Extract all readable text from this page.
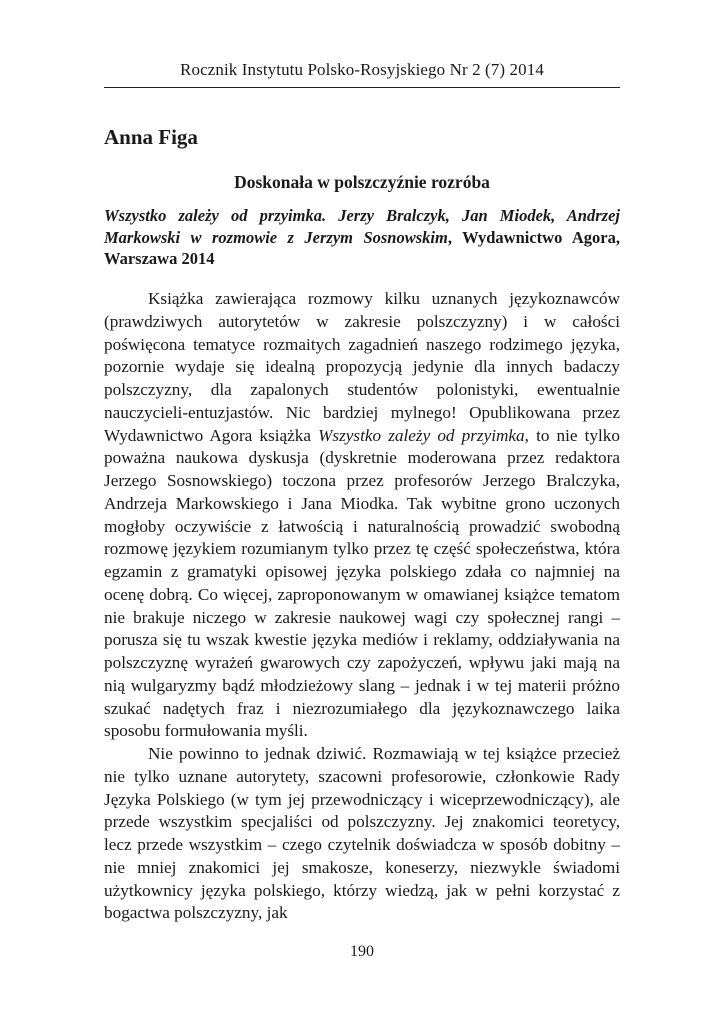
Rocznik Instytutu Polsko-Rosyjskiego Nr 2 (7) 2014
Anna Figa
Doskonała w polszczyźnie rozróba
Wszystko zależy od przyimka. Jerzy Bralczyk, Jan Miodek, Andrzej Markowski w rozmowie z Jerzym Sosnowskim, Wydawnictwo Agora, Warszawa 2014

Książka zawierająca rozmowy kilku uznanych językoznawców (prawdziwych autorytetów w zakresie polszczyzny) i w całości poświęcona tematyce rozmaitych zagadnień naszego rodzimego języka, pozornie wydaje się idealną propozycją jedynie dla innych badaczy polszczyzny, dla zapalonych studentów polonistyki, ewentualnie nauczycieli-entuzjastów. Nic bardziej mylnego! Opublikowana przez Wydawnictwo Agora książka Wszystko zależy od przyimka, to nie tylko poważna naukowa dyskusja (dyskretnie moderowana przez redaktora Jerzego Sosnowskiego) toczona przez profesorów Jerzego Bralczyka, Andrzeja Markowskiego i Jana Miodka. Tak wybitne grono uczonych mogłoby oczywiście z łatwością i naturalnością prowadzić swobodną rozmowę językiem rozumianym tylko przez tę część społeczeństwa, która egzamin z gramatyki opisowej języka polskiego zdała co najmniej na ocenę dobrą. Co więcej, zaproponowanym w omawianej książce tematom nie brakuje niczego w zakresie naukowej wagi czy społecznej rangi – porusza się tu wszak kwestie języka mediów i reklamy, oddziaływania na polszczyznę wyrażeń gwarowych czy zapożyczeń, wpływu jaki mają na nią wulgaryzmy bądź młodzieżowy slang – jednak i w tej materii próżno szukać nadętych fraz i niezrozumiałego dla językoznawczego laika sposobu formułowania myśli.

Nie powinno to jednak dziwić. Rozmawiają w tej książce przecież nie tylko uznane autorytety, szacowni profesorowie, członkowie Rady Języka Polskiego (w tym jej przewodniczący i wiceprzewodniczący), ale przede wszystkim specjaliści od polszczyzny. Jej znakomici teoretycy, lecz przede wszystkim – czego czytelnik doświadcza w sposób dobitny – nie mniej znakomici jej smakosze, koneserzy, niezwykle świadomi użytkownicy języka polskiego, którzy wiedzą, jak w pełni korzystać z bogactwa polszczyzny, jak

190
